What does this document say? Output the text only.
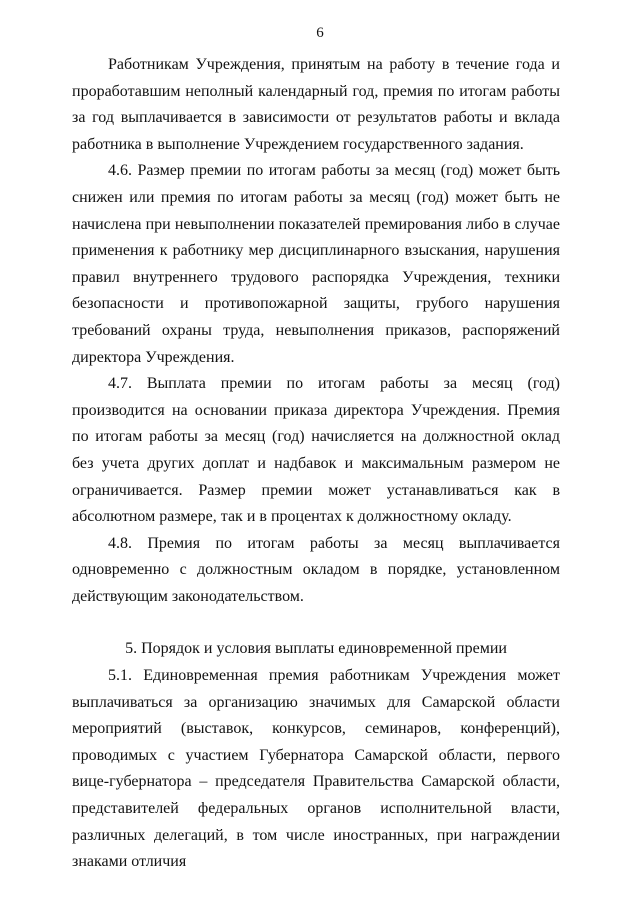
6

Работникам Учреждения, принятым на работу в течение года и проработавшим неполный календарный год, премия по итогам работы за год выплачивается в зависимости от результатов работы и вклада работника в выполнение Учреждением государственного задания.

4.6. Размер премии по итогам работы за месяц (год) может быть снижен или премия по итогам работы за месяц (год) может быть не начислена при невыполнении показателей премирования либо в случае применения к работнику мер дисциплинарного взыскания, нарушения правил внутреннего трудового распорядка Учреждения, техники безопасности и противопожарной защиты, грубого нарушения требований охраны труда, невыполнения приказов, распоряжений директора Учреждения.

4.7. Выплата премии по итогам работы за месяц (год) производится на основании приказа директора Учреждения. Премия по итогам работы за месяц (год) начисляется на должностной оклад без учета других доплат и надбавок и максимальным размером не ограничивается. Размер премии может устанавливаться как в абсолютном размере, так и в процентах к должностному окладу.

4.8. Премия по итогам работы за месяц выплачивается одновременно с должностным окладом в порядке, установленном действующим законодательством.

5. Порядок и условия выплаты единовременной премии

5.1. Единовременная премия работникам Учреждения может выплачиваться за организацию значимых для Самарской области мероприятий (выставок, конкурсов, семинаров, конференций), проводимых с участием Губернатора Самарской области, первого вице-губернатора – председателя Правительства Самарской области, представителей федеральных органов исполнительной власти, различных делегаций, в том числе иностранных, при награждении знаками отличия
